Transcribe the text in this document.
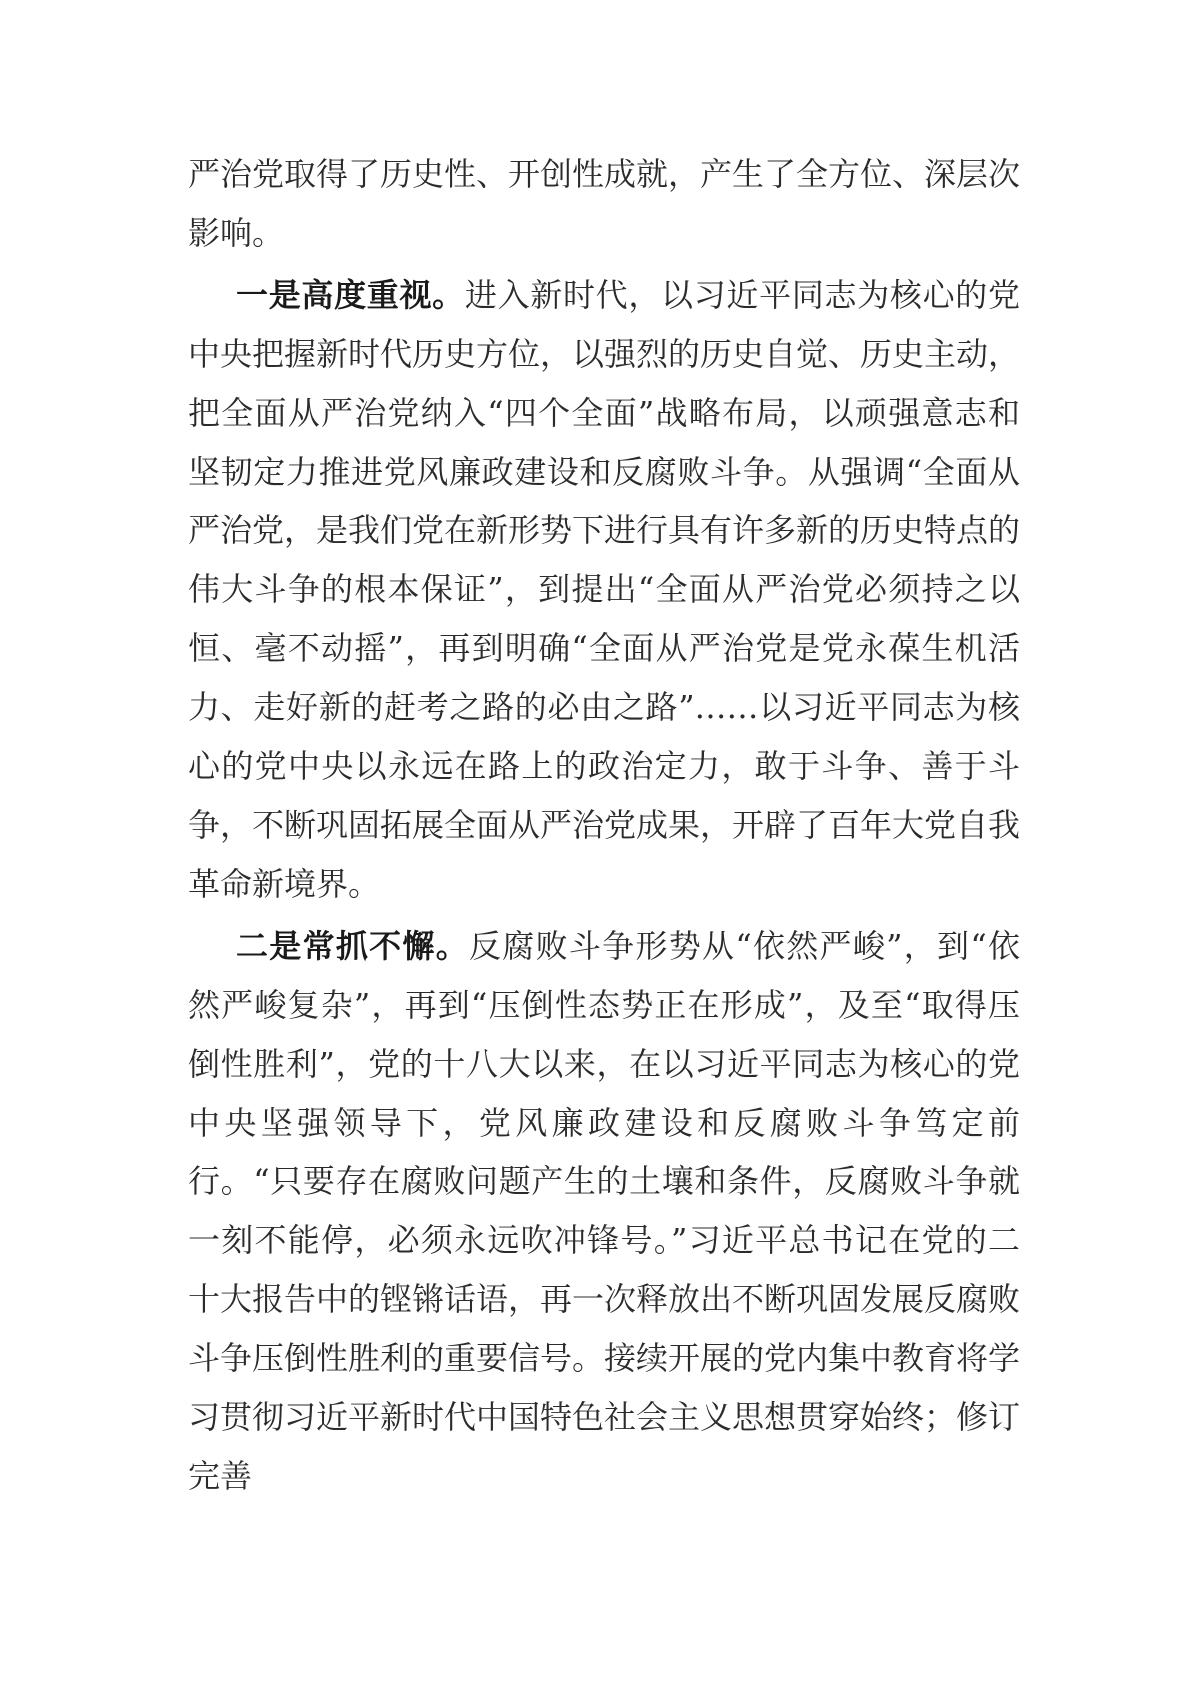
严治党取得了历史性、开创性成就，产生了全方位、深层次影响。

一是高度重视。进入新时代，以习近平同志为核心的党中央把握新时代历史方位，以强烈的历史自觉、历史主动，把全面从严治党纳入“四个全面”战略布局，以顽强意志和坚韧定力推进党风廉政建设和反腐败斗争。从强调“全面从严治党，是我们党在新形势下进行具有许多新的历史特点的伟大斗争的根本保证”，到提出“全面从严治党必须持之以恒、毫不动摇”，再到明确“全面从严治党是党永葆生机活力、走好新的赶考之路的必由之路”……以习近平同志为核心的党中央以永远在路上的政治定力，敢于斗争、善于斗争，不断巩固拓展全面从严治党成果，开辟了百年大党自我革命新境界。

二是常抓不懈。反腐败斗争形势从“依然严峻”，到“依然严峻复杂”，再到“压倒性态势正在形成”，及至“取得压倒性胜利”，党的十八大以来，在以习近平同志为核心的党中央坚强领导下，党风廉政建设和反腐败斗争笃定前行。“只要存在腐败问题产生的土壤和条件，反腐败斗争就一刻不能停，必须永远吹冲锋号。”习近平总书记在党的二十大报告中的铿锵话语，再一次释放出不断巩固发展反腐败斗争压倒性胜利的重要信号。接续开展的党内集中教育将学习贯彻习近平新时代中国特色社会主义思想贯穿始终；修订完善
